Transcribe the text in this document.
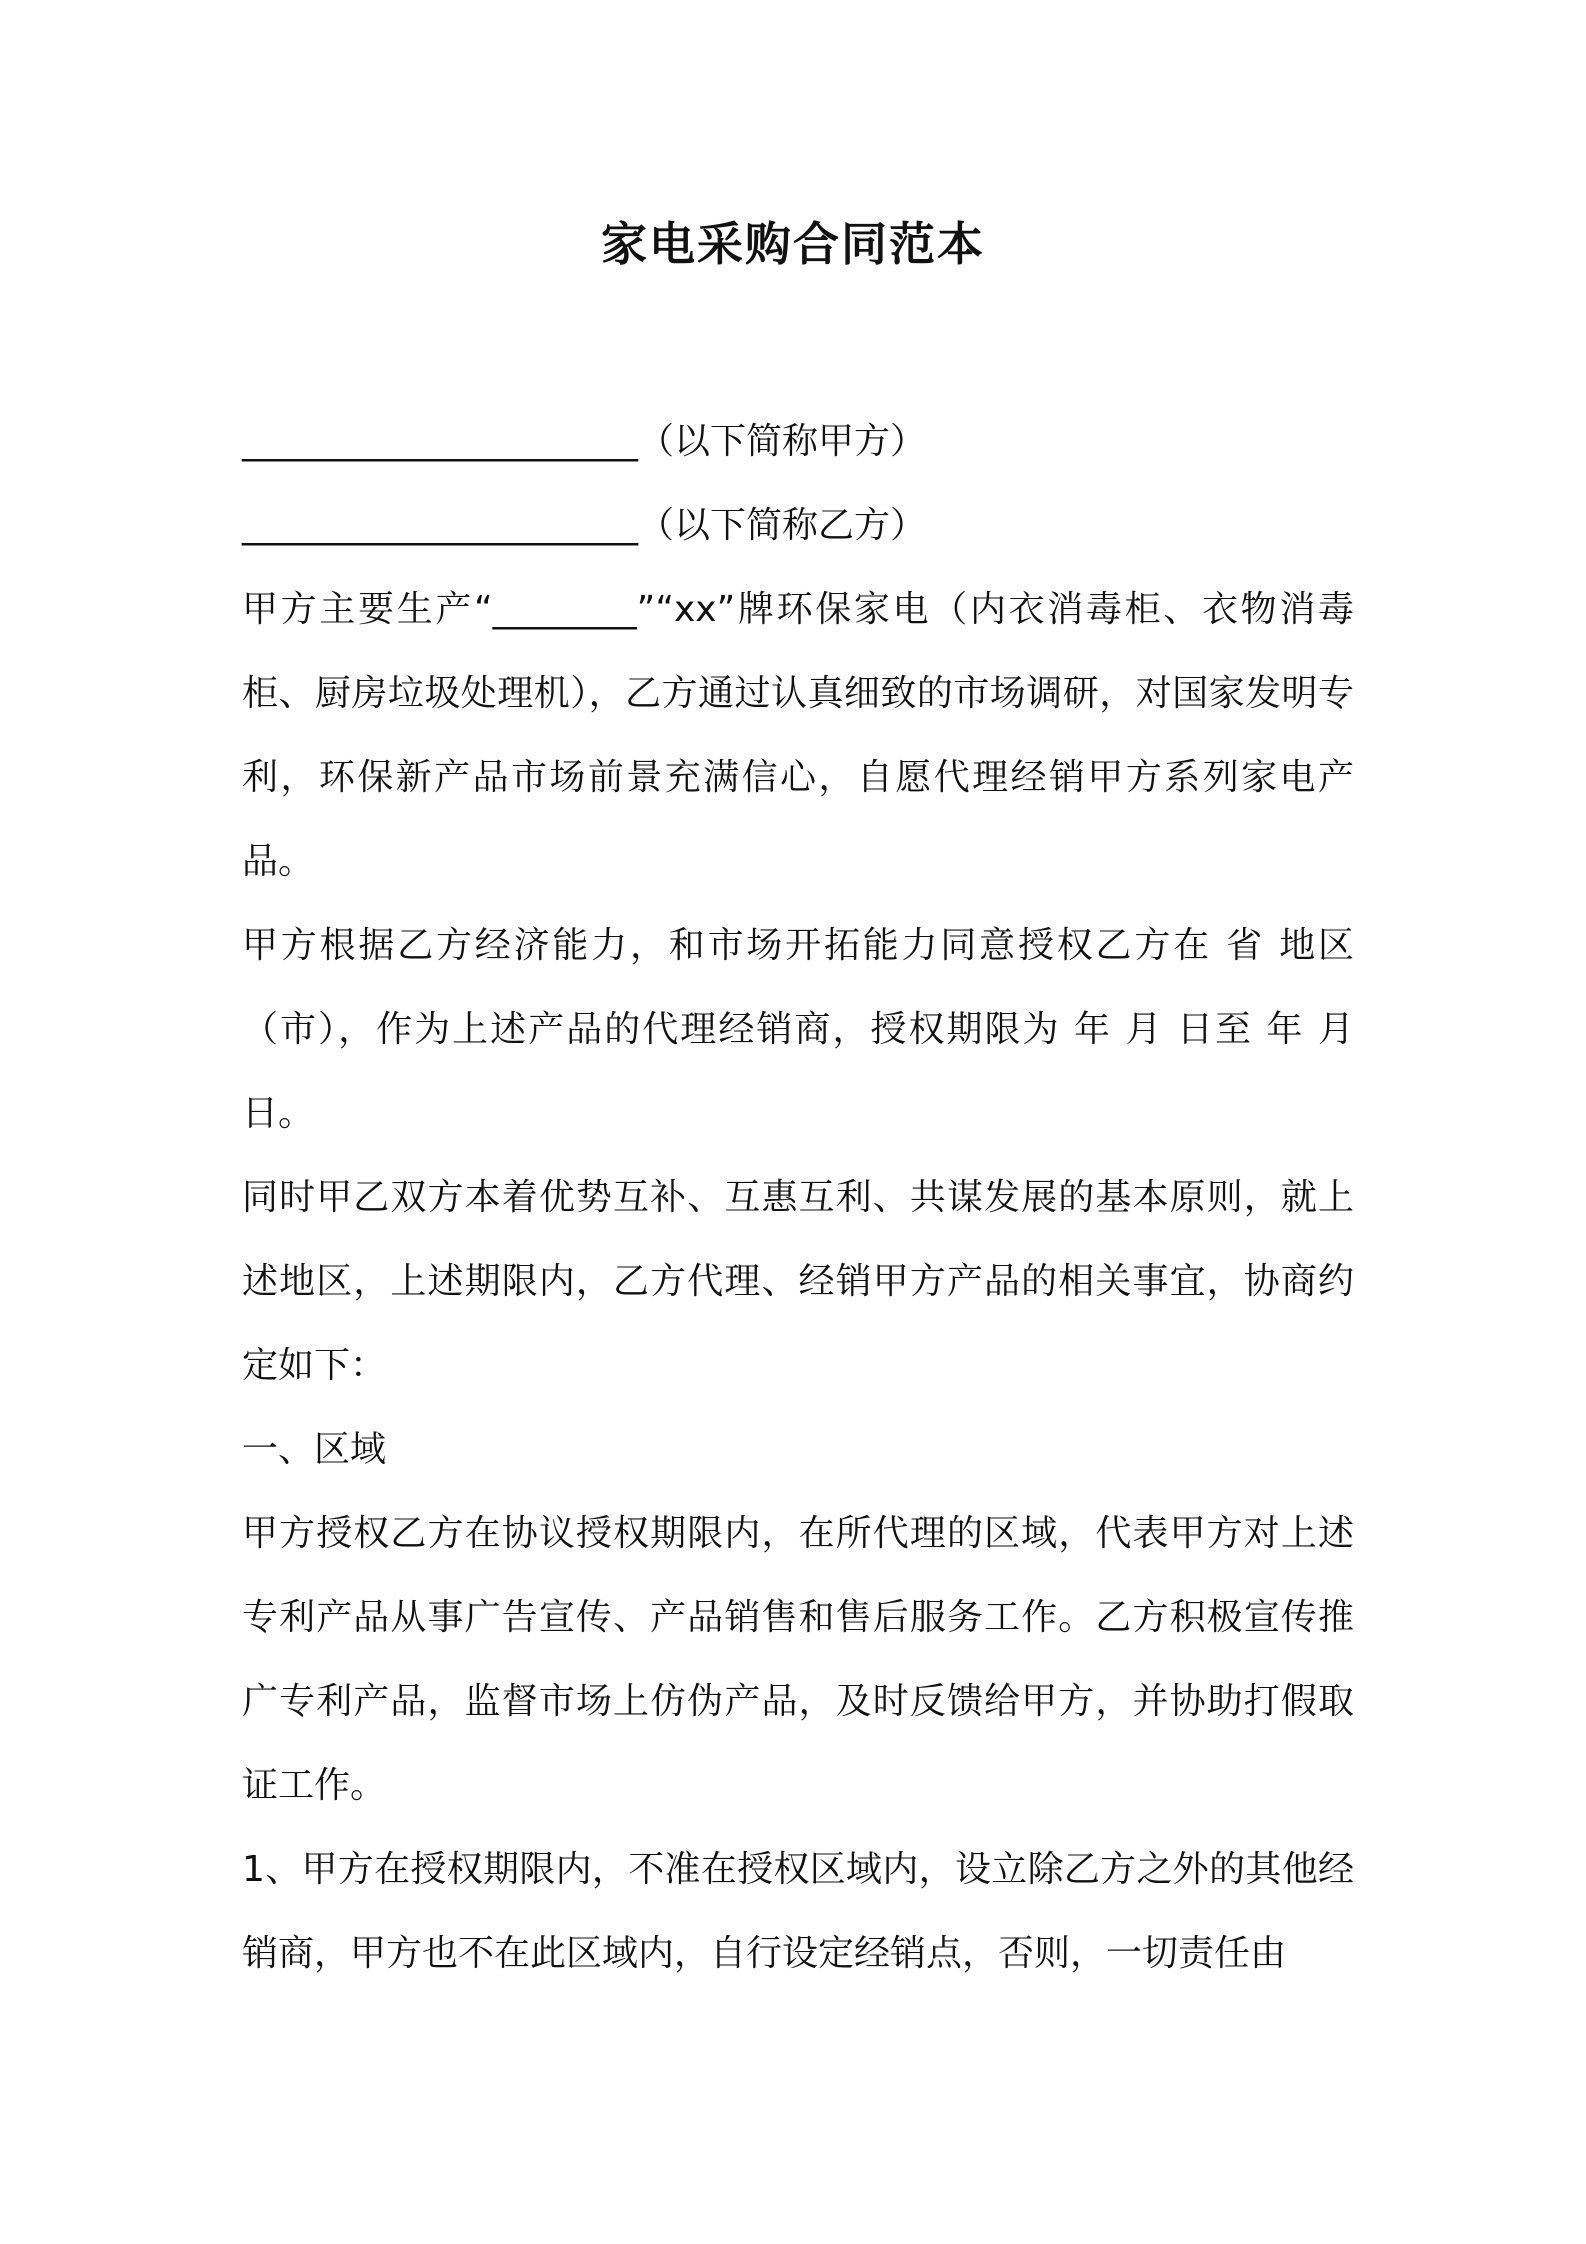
家电采购合同范本

______________________（以下简称甲方）

______________________（以下简称乙方）

甲方主要生产“________”“xx”牌环保家电（内衣消毒柜、衣物消毒柜、厨房垃圾处理机），乙方通过认真细致的市场调研，对国家发明专利，环保新产品市场前景充满信心，自愿代理经销甲方系列家电产品。

甲方根据乙方经济能力，和市场开拓能力同意授权乙方在 省 地区（市），作为上述产品的代理经销商，授权期限为 年 月 日至 年 月 日。

同时甲乙双方本着优势互补、互惠互利、共谋发展的基本原则，就上述地区，上述期限内，乙方代理、经销甲方产品的相关事宜，协商约定如下：

一、区域

甲方授权乙方在协议授权期限内，在所代理的区域，代表甲方对上述专利产品从事广告宣传、产品销售和售后服务工作。乙方积极宣传推广专利产品，监督市场上仿伪产品，及时反馈给甲方，并协助打假取证工作。

1、甲方在授权期限内，不准在授权区域内，设立除乙方之外的其他经销商，甲方也不在此区域内，自行设定经销点，否则，一切责任由
